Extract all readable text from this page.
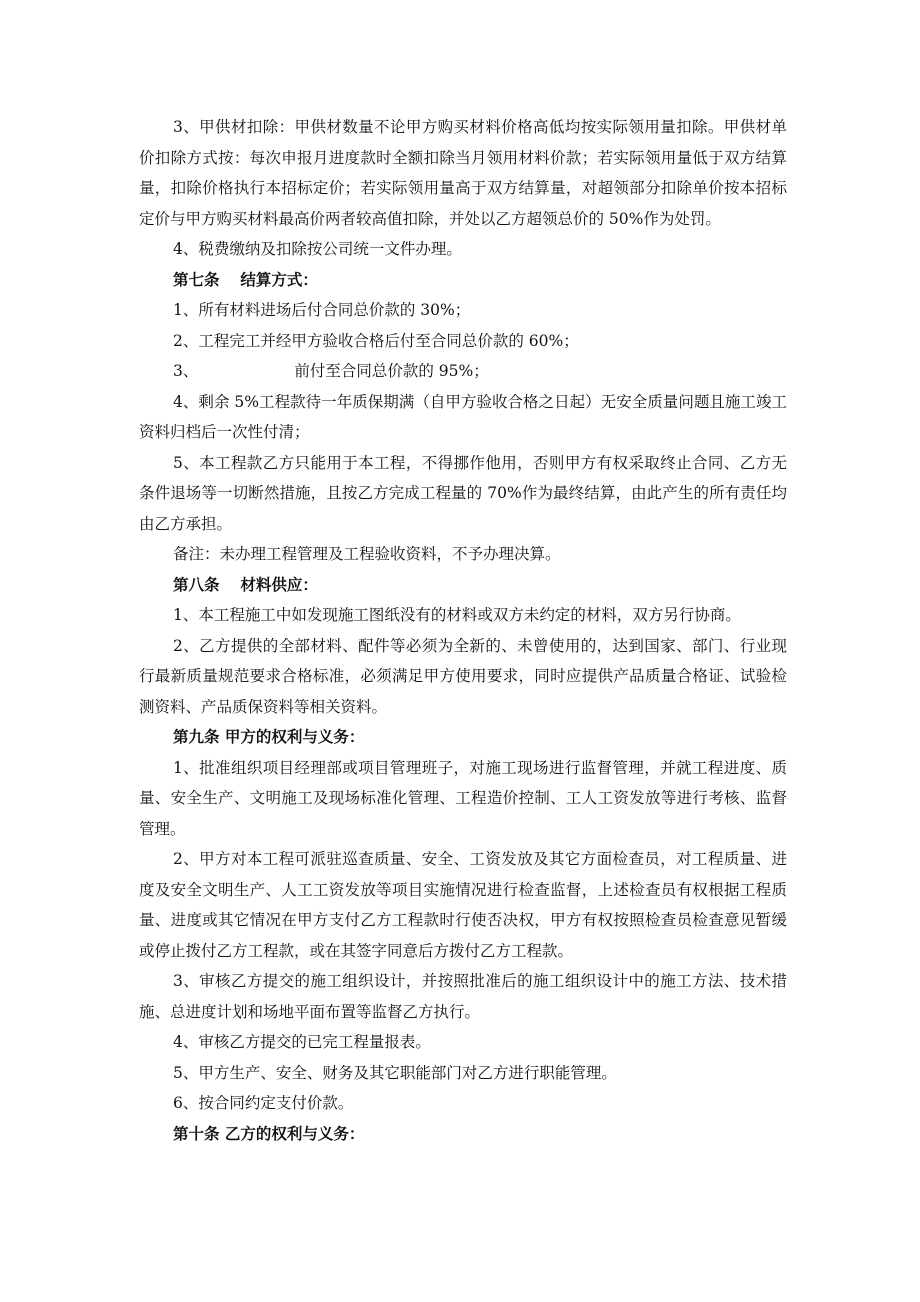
3、甲供材扣除：甲供材数量不论甲方购买材料价格高低均按实际领用量扣除。甲供材单价扣除方式按：每次申报月进度款时全额扣除当月领用材料价款；若实际领用量低于双方结算量，扣除价格执行本招标定价；若实际领用量高于双方结算量，对超领部分扣除单价按本招标定价与甲方购买材料最高价两者较高值扣除，并处以乙方超领总价的 50%作为处罚。

4、税费缴纳及扣除按公司统一文件办理。

第七条　 结算方式：

1、所有材料进场后付合同总价款的 30%；

2、工程完工并经甲方验收合格后付至合同总价款的 60%；

3、	前付至合同总价款的 95%；

4、剩余 5%工程款待一年质保期满（自甲方验收合格之日起）无安全质量问题且施工竣工资料归档后一次性付清；

5、本工程款乙方只能用于本工程，不得挪作他用，否则甲方有权采取终止合同、乙方无条件退场等一切断然措施，且按乙方完成工程量的 70%作为最终结算，由此产生的所有责任均由乙方承担。

备注：未办理工程管理及工程验收资料，不予办理决算。

第八条　 材料供应：

1、本工程施工中如发现施工图纸没有的材料或双方未约定的材料，双方另行协商。

2、乙方提供的全部材料、配件等必须为全新的、未曾使用的，达到国家、部门、行业现行最新质量规范要求合格标准，必须满足甲方使用要求，同时应提供产品质量合格证、试验检测资料、产品质保资料等相关资料。

第九条 甲方的权利与义务：

1、批准组织项目经理部或项目管理班子，对施工现场进行监督管理，并就工程进度、质量、安全生产、文明施工及现场标准化管理、工程造价控制、工人工资发放等进行考核、监督管理。

2、甲方对本工程可派驻巡查质量、安全、工资发放及其它方面检查员，对工程质量、进度及安全文明生产、人工工资发放等项目实施情况进行检查监督，上述检查员有权根据工程质量、进度或其它情况在甲方支付乙方工程款时行使否决权，甲方有权按照检查员检查意见暂缓或停止拨付乙方工程款，或在其签字同意后方拨付乙方工程款。

3、审核乙方提交的施工组织设计，并按照批准后的施工组织设计中的施工方法、技术措施、总进度计划和场地平面布置等监督乙方执行。

4、审核乙方提交的已完工程量报表。

5、甲方生产、安全、财务及其它职能部门对乙方进行职能管理。

6、按合同约定支付价款。

第十条 乙方的权利与义务：
